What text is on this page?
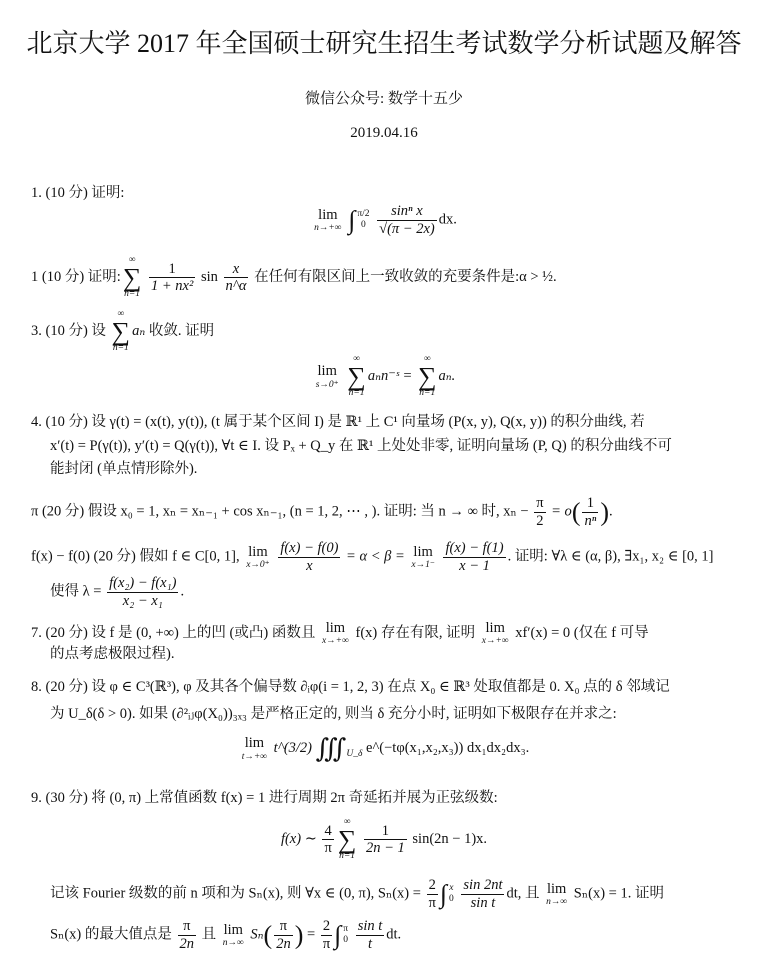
北京大学 2017 年全国硕士研究生招生考试数学分析试题及解答
微信公众号: 数学十五少
2019.04.16
1. (10 分) 证明:
lim
n→+∞ ∫ π/2
0
$\frac{\text{sinⁿ x}}{√(\pi - 2x)}$ dx.
1 (10 分) 证明:
∞
∑
n=1
$\frac{1}{\text{1 + nx²}}$ $\sin \frac{x}{n\^{}\alpha}$ 在任何有限区间上一致收敛的充要条件是:α > ½.
3. (10 分) 设
∞
∑
n=1
aₙ 收敛. 证明
lim
s→0⁺

∞
∑
n=1
aₙn⁻ˢ =
∞
∑
n=1
aₙ.
4. (10 分) 设 γ(t) = (x(t), y(t)), (t 属于某个区间 I) 是 ℝ¹ 上 C¹ 向量场 (P(x, y), Q(x, y)) 的积分曲线, 若
x′(t) = P(γ(t)), y′(t) = Q(γ(t)), ∀t ∈ I. 设 Pₓ + Q_y 在 ℝ¹ 上处处非零, 证明向量场 (P, Q) 的积分曲线不可
能封闭 (单点情形除外).
π (20 分) 假设 x₀ = 1, xₙ = xₙ₋₁ + cos xₙ₋₁, (n = 1, 2, ⋯ , ). 证明: 当 n → ∞ 时, $x_n - \frac{\pi}{2} = o( \frac{1}{\text{nⁿ}}$ ).
f(x) − f(0) (20 分) 假如 f ∈ C[0, 1], lim
x→0⁺
$\frac{f(x) - f(0)}{x} = \alpha < \beta = \lim$
x→1⁻
$\frac{f(x) - f(1)}{x - 1}$ . 证明: ∀λ ∈ (α, β), ∃x₁, x₂ ∈ [0, 1]
使得 $\lambda = \frac{\text{f(x₂) − f(x₁)}}{\text{x₂ − x₁}}$ .
7. (20 分) 设 f 是 (0, +∞) 上的凹 (或凸) 函数且 lim
x→+∞
f(x) 存在有限, 证明 lim
x→+∞
xf′(x) = 0 (仅在 f 可导
的点考虑极限过程).
8. (20 分) 设 φ ∈ C³(ℝ³), φ 及其各个偏导数 ∂ᵢφ(i = 1, 2, 3) 在点 X₀ ∈ ℝ³ 处取值都是 0. X₀ 点的 δ 邻域记
为 U_δ(δ > 0). 如果 (∂²ᵢⱼφ(X₀))₃ₓ₃ 是严格正定的, 则当 δ 充分小时, 证明如下极限存在并求之:
lim
t→+∞
t^(3/2) $∭_{U\_\delta}$ e^(−tφ(x₁,x₂,x₃)) dx₁dx₂dx₃.
9. (30 分) 将 (0, π) 上常值函数 f(x) = 1 进行周期 2π 奇延拓并展为正弦级数:
f(x) ∼ $\frac{4}{\pi}$
∞
∑
n=1
$\frac{1}{2n - 1} \sin(2n - 1)x$.
记该 Fourier 级数的前 n 项和为 Sₙ(x), 则 ∀x ∈ (0, π), $S_n(x) = \frac{2}{\pi}$ ∫ x
0
$\frac{\sin 2nt}{\text{sin t}}$ dt, 且 lim
n→∞
Sₙ(x) = 1. 证明
Sₙ(x) 的最大值点是 $\frac{\pi}{2n}$ 且 lim
n→∞
$S_n( \frac{\pi}{2n}$ ) = $\frac{2}{\pi}$ ∫ π
0
$\frac{\text{sin t}}{t}$ dt.
